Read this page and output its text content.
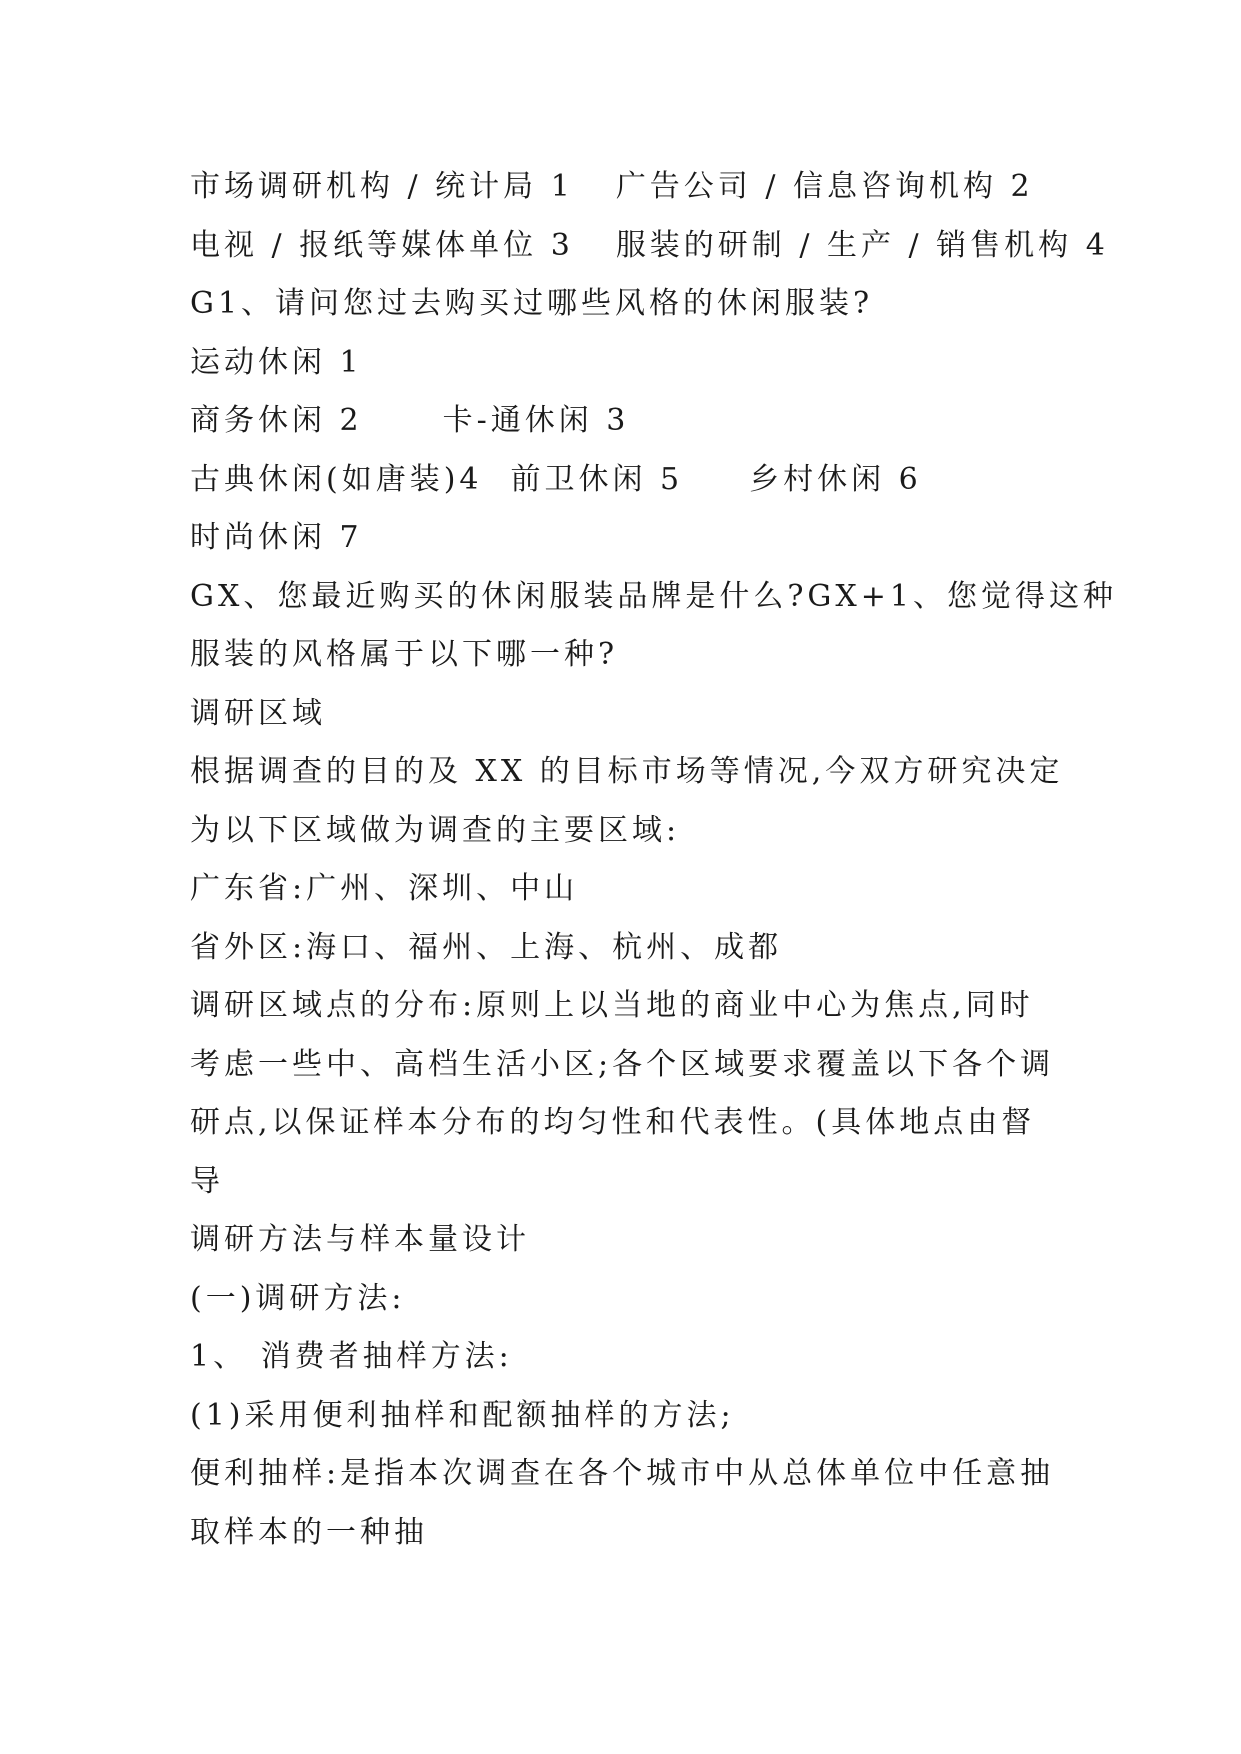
市场调研机构 / 统计局 1 广告公司 / 信息咨询机构 2
电视 / 报纸等媒体单位 3 服装的研制 / 生产 / 销售机构 4
G1、请问您过去购买过哪些风格的休闲服装?
运动休闲 1
商务休闲 2	卡-通休闲 3
古典休闲(如唐装)4 前卫休闲 5 乡村休闲 6
时尚休闲 7
GX、您最近购买的休闲服装品牌是什么?GX+1、您觉得这种
服装的风格属于以下哪一种?
调研区域
根据调查的目的及 XX 的目标市场等情况,今双方研究决定
为以下区域做为调查的主要区域:
广东省:广州、深圳、中山
省外区:海口、福州、上海、杭州、成都
调研区域点的分布:原则上以当地的商业中心为焦点,同时
考虑一些中、高档生活小区;各个区域要求覆盖以下各个调
研点,以保证样本分布的均匀性和代表性。(具体地点由督
导
调研方法与样本量设计
(一)调研方法:
1、 消费者抽样方法:
(1)采用便利抽样和配额抽样的方法;
便利抽样:是指本次调查在各个城市中从总体单位中任意抽
取样本的一种抽
